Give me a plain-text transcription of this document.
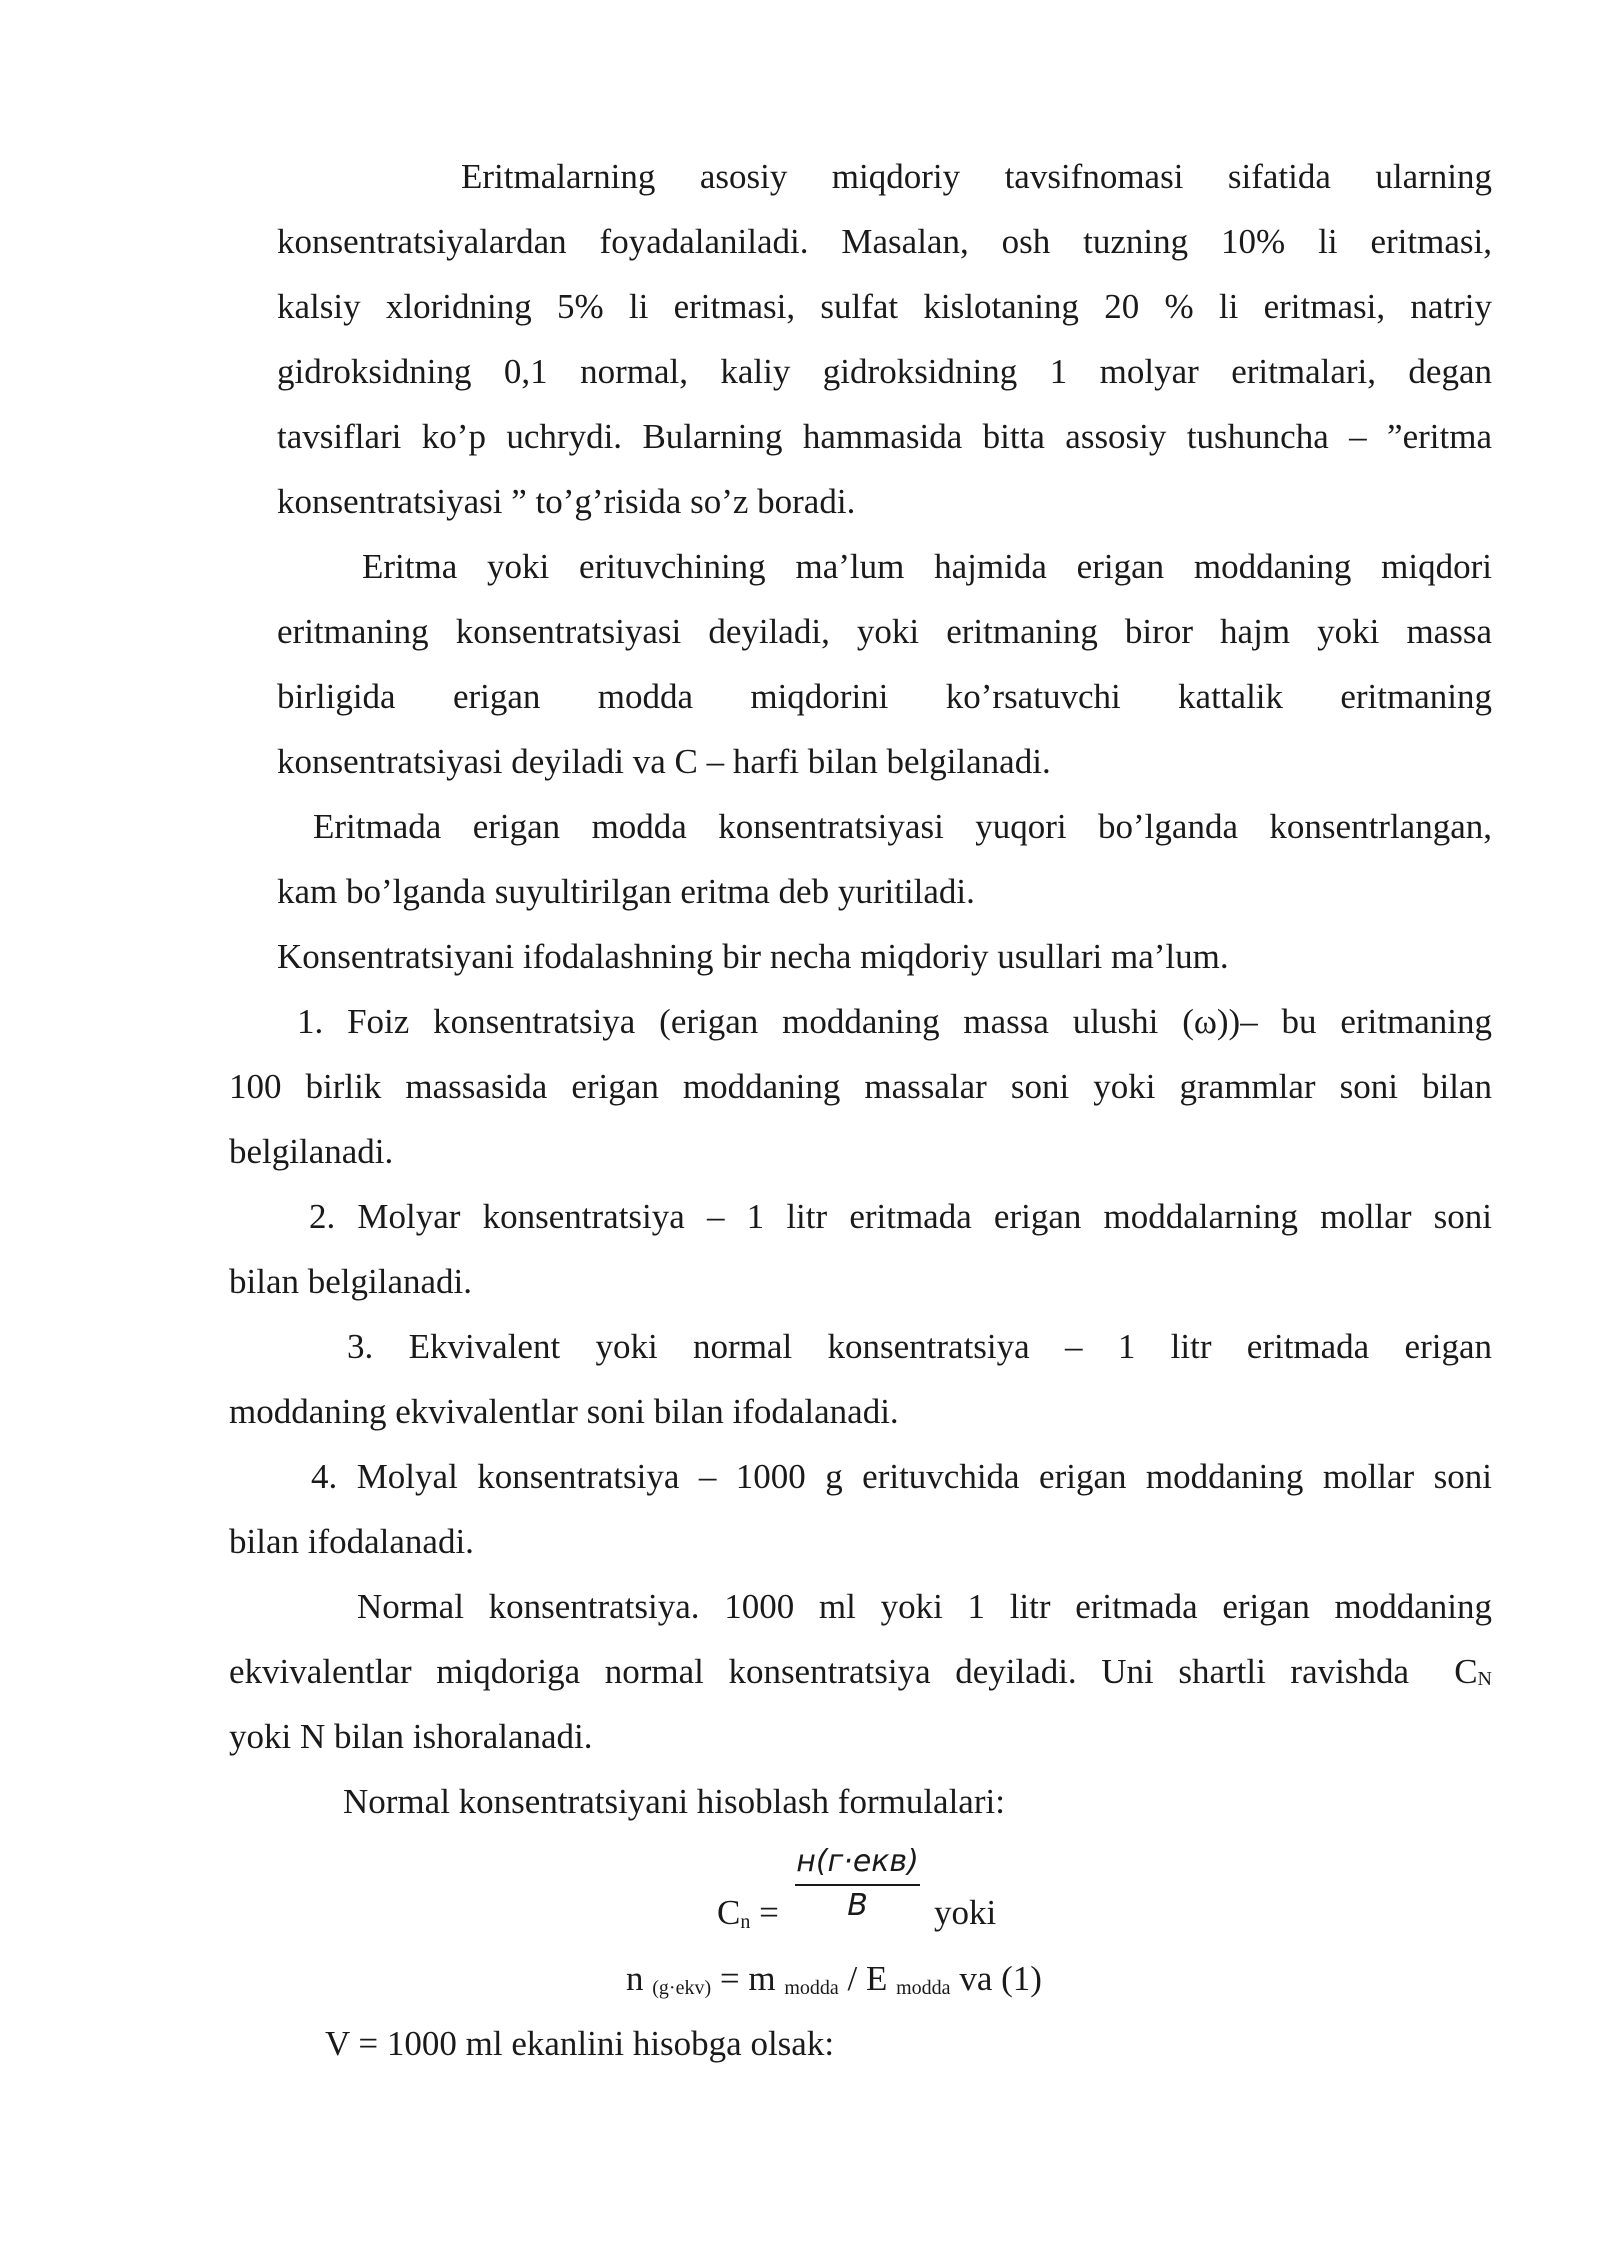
Eritmalarning asosiy miqdoriy tavsifnomasi sifatida ularning
konsentratsiyalardan foyadalaniladi. Masalan, osh tuzning 10% li eritmasi,
kalsiy xloridning 5% li eritmasi, sulfat kislotaning 20 % li eritmasi, natriy
gidroksidning 0,1 normal, kaliy gidroksidning 1 molyar eritmalari, degan
tavsiflari ko’p uchrydi. Bularning hammasida bitta assosiy tushuncha – ”eritma
konsentratsiyasi ” to’g’risida so’z boradi.
Eritma yoki erituvchining ma’lum hajmida erigan moddaning miqdori
eritmaning konsentratsiyasi deyiladi, yoki eritmaning biror hajm yoki massa
birligida erigan modda miqdorini ko’rsatuvchi kattalik eritmaning
konsentratsiyasi deyiladi va C – harfi bilan belgilanadi.
Eritmada erigan modda konsentratsiyasi yuqori bo’lganda konsentrlangan,
kam bo’lganda suyultirilgan eritma deb yuritiladi.
Konsentratsiyani ifodalashning bir necha miqdoriy usullari ma’lum.
1. Foiz konsentratsiya (erigan moddaning massa ulushi (ω))– bu eritmaning
100 birlik massasida erigan moddaning massalar soni yoki grammlar soni bilan
belgilanadi.
2. Molyar konsentratsiya – 1 litr eritmada erigan moddalarning mollar soni
bilan belgilanadi.
3. Ekvivalent yoki normal konsentratsiya – 1 litr eritmada erigan
moddaning ekvivalentlar soni bilan ifodalanadi.
4. Molyal konsentratsiya – 1000 g erituvchida erigan moddaning mollar soni
bilan ifodalanadi.
Normal konsentratsiya. 1000 ml yoki 1 litr eritmada erigan moddaning
ekvivalentlar miqdoriga normal konsentratsiya deyiladi. Uni shartli ravishda CN
yoki N bilan ishoralanadi.
Normal konsentratsiyani hisoblash formulalari:
$C_n$ =
н(г·екв)
В	yoki
n $_{(g\cdot ekv)}$ = m $_{modda}$ / E $_{modda}$ va (1)
V = 1000 ml ekanlini hisobga olsak:
